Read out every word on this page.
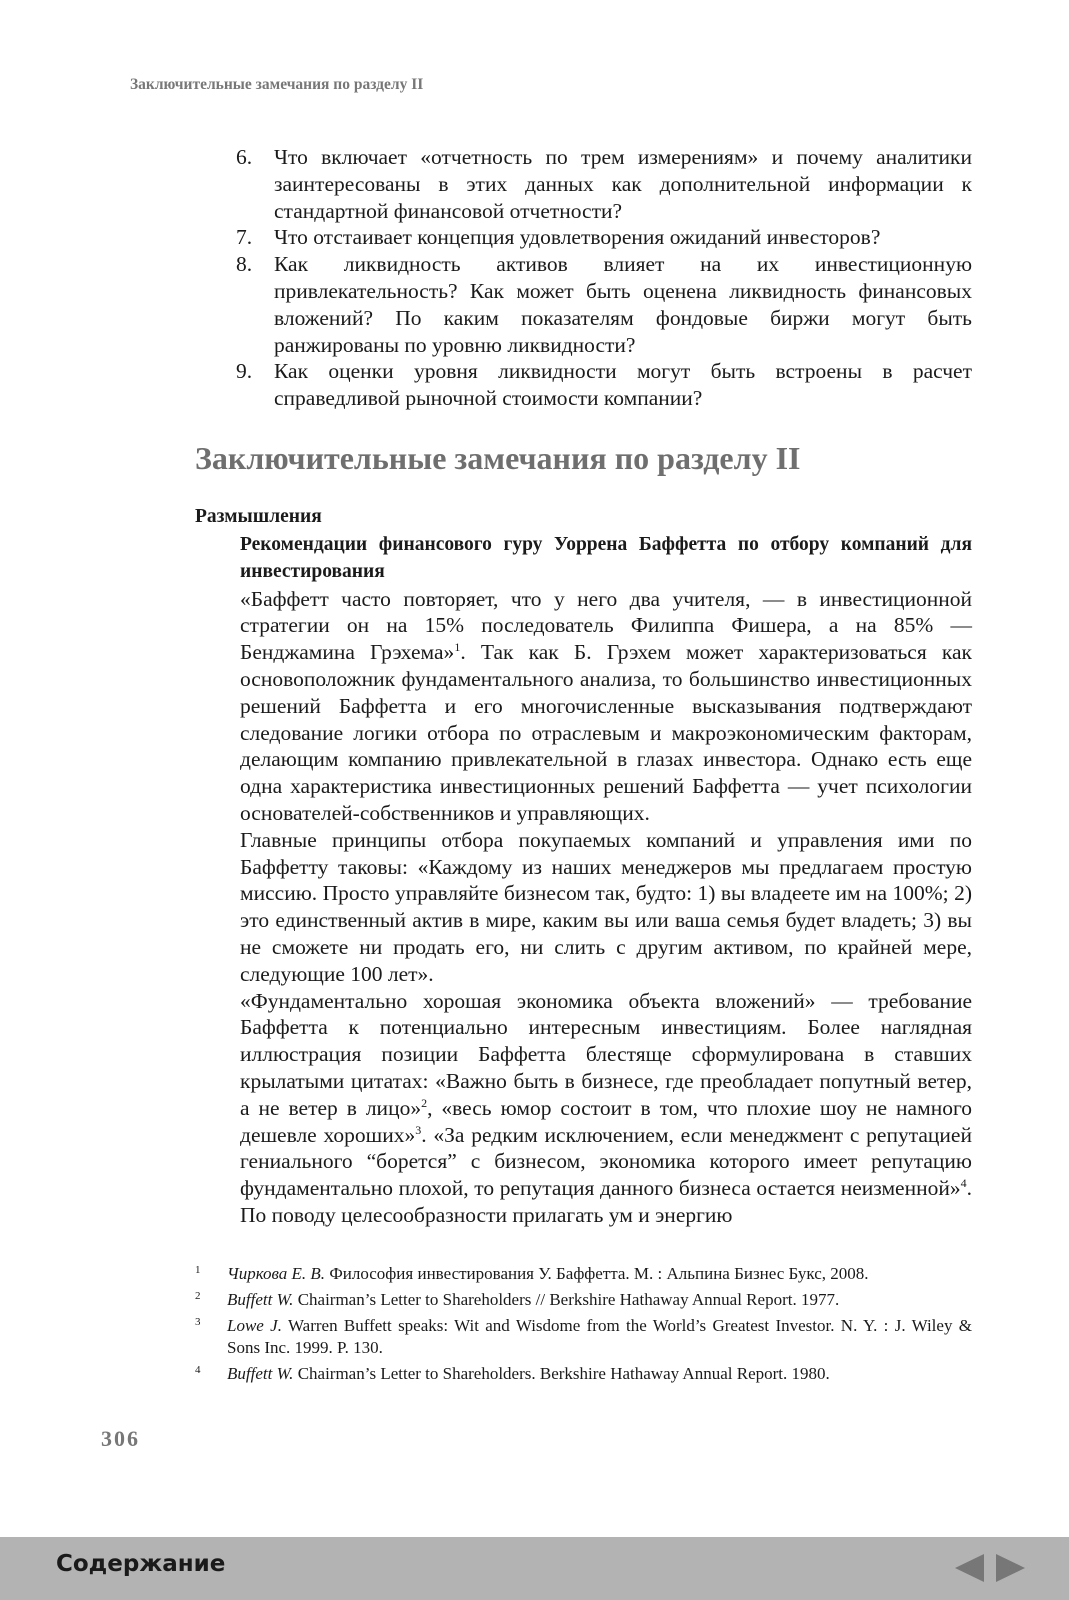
Заключительные замечания по разделу II
6.	Что включает «отчетность по трем измерениям» и почему аналитики заинтересованы в этих данных как дополнительной информации к стандартной финансовой отчетности?
7.	Что отстаивает концепция удовлетворения ожиданий инвесторов?
8.	Как ликвидность активов влияет на их инвестиционную привлекательность? Как может быть оценена ликвидность финансовых вложений? По каким показателям фондовые биржи могут быть ранжированы по уровню ликвидности?
9.	Как оценки уровня ликвидности могут быть встроены в расчет справедливой рыночной стоимости компании?
Заключительные замечания по разделу II
Размышления

Рекомендации финансового гуру Уоррена Баффетта по отбору компаний для инвестирования

«Баффетт часто повторяет, что у него два учителя, — в инвестиционной стратегии он на 15% последователь Филиппа Фишера, а на 85% — Бенджамина Грэхема»$^1$. Так как Б. Грэхем может характеризоваться как основоположник фундаментального анализа, то большинство инвестиционных решений Баффетта и его многочисленные высказывания подтверждают следование логики отбора по отраслевым и макроэкономическим факторам, делающим компанию привлекательной в глазах инвестора. Однако есть еще одна характеристика инвестиционных решений Баффетта — учет психологии основателей-собственников и управляющих.

Главные принципы отбора покупаемых компаний и управления ими по Баффетту таковы: «Каждому из наших менеджеров мы предлагаем простую миссию. Просто управляйте бизнесом так, будто: 1) вы владеете им на 100%; 2) это единственный актив в мире, каким вы или ваша семья будет владеть; 3) вы не сможете ни продать его, ни слить с другим активом, по крайней мере, следующие 100 лет».

«Фундаментально хорошая экономика объекта вложений» — требование Баффетта к потенциально интересным инвестициям. Более наглядная иллюстрация позиции Баффетта блестяще сформулирована в ставших крылатыми цитатах: «Важно быть в бизнесе, где преобладает попутный ветер, а не ветер в лицо»$^2$, «весь юмор состоит в том, что плохие шоу не намного дешевле хороших»$^3$. «За редким исключением, если менеджмент с репутацией гениального “борется” с бизнесом, экономика которого имеет репутацию фундаментально плохой, то репутация данного бизнеса остается неизменной»$^4$. По поводу целесообразности прилагать ум и энергию

1	Чиркова Е. В. Философия инвестирования У. Баффетта. М. : Альпина Бизнес Букс, 2008.
2	Buffett W. Chairman’s Letter to Shareholders // Berkshire Hathaway Annual Report. 1977.
3	Lowe J. Warren Buffett speaks: Wit and Wisdome from the World’s Greatest Investor. N. Y. : J. Wiley & Sons Inc. 1999. P. 130.
4	Buffett W. Chairman’s Letter to Shareholders. Berkshire Hathaway Annual Report. 1980.
306
Содержание
